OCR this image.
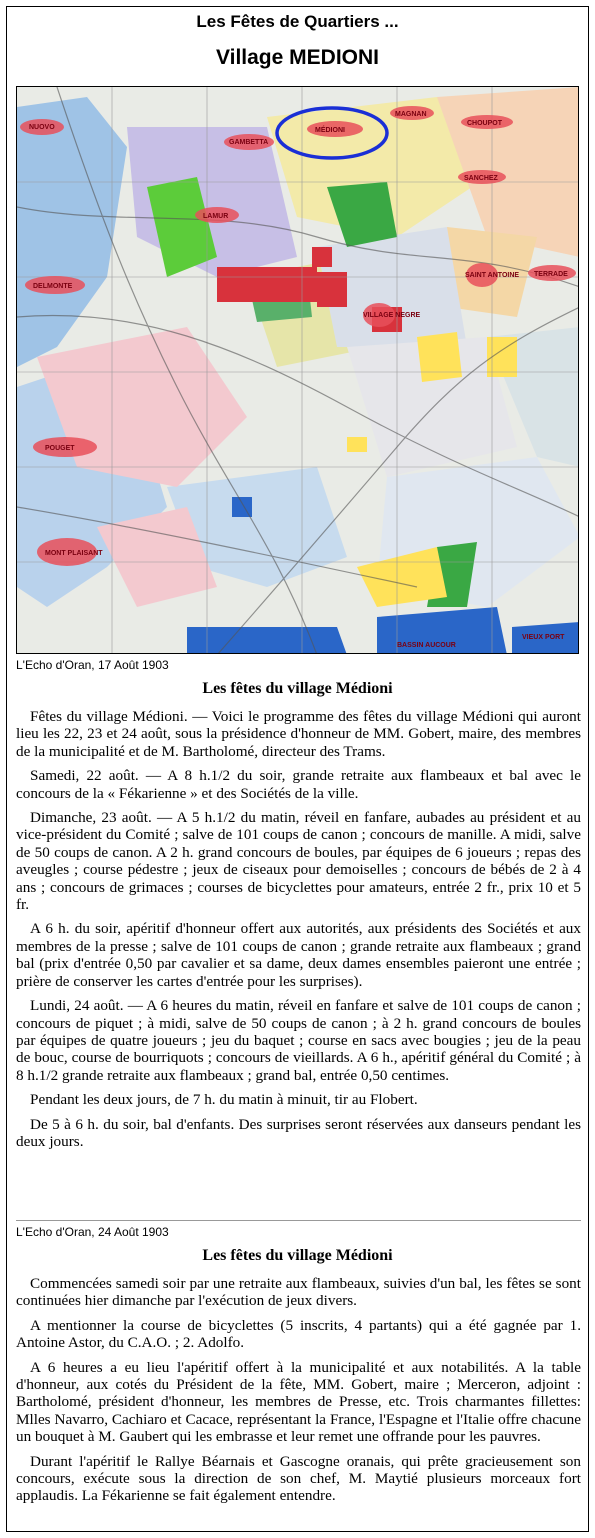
Les Fêtes de Quartiers ...
Village MEDIONI
NUOVO
GAMBETTA
MÉDIONI
MAGNAN
CHOUPOT
LAMUR
SANCHEZ
DELMONTE
TERRADE
SAINT ANTOINE
VILLAGE NEGRE
POUGET
MONT PLAISANT
VIEUX PORT
BASSIN AUCOUR
L'Echo d'Oran, 17 Août 1903
Les fêtes du village Médioni

Fêtes du village Médioni. — Voici le programme des fêtes du village Médioni qui auront lieu les 22, 23 et 24 août, sous la présidence d'honneur de MM. Gobert, maire, des membres de la municipalité et de M. Bartholomé, directeur des Trams.

Samedi, 22 août. — A 8 h.1/2 du soir, grande retraite aux flambeaux et bal avec le concours de la « Fékarienne » et des Sociétés de la ville.

Dimanche, 23 août. — A 5 h.1/2 du matin, réveil en fanfare, aubades au président et au vice-président du Comité ; salve de 101 coups de canon ; concours de manille. A midi, salve de 50 coups de canon. A 2 h. grand concours de boules, par équipes de 6 joueurs ; repas des aveugles ; course pédestre ; jeux de ciseaux pour demoiselles ; concours de bébés de 2 à 4 ans ; concours de grimaces ; courses de bicyclettes pour amateurs, entrée 2 fr., prix 10 et 5 fr.

A 6 h. du soir, apéritif d'honneur offert aux autorités, aux présidents des Sociétés et aux membres de la presse ; salve de 101 coups de canon ; grande retraite aux flambeaux ; grand bal (prix d'entrée 0,50 par cavalier et sa dame, deux dames ensembles paieront une entrée ; prière de conserver les cartes d'entrée pour les surprises).

Lundi, 24 août. — A 6 heures du matin, réveil en fanfare et salve de 101 coups de canon ; concours de piquet ; à midi, salve de 50 coups de canon ; à 2 h. grand concours de boules par équipes de quatre joueurs ; jeu du baquet ; course en sacs avec bougies ; jeu de la peau de bouc, course de bourriquots ; concours de vieillards. A 6 h., apéritif général du Comité ; à 8 h.1/2 grande retraite aux flambeaux ; grand bal, entrée 0,50 centimes.

Pendant les deux jours, de 7 h. du matin à minuit, tir au Flobert.

De 5 à 6 h. du soir, bal d'enfants. Des surprises seront réservées aux danseurs pendant les deux jours.

L'Echo d'Oran, 24 Août 1903
Les fêtes du village Médioni

Commencées samedi soir par une retraite aux flambeaux, suivies d'un bal, les fêtes se sont continuées hier dimanche par l'exécution de jeux divers.

A mentionner la course de bicyclettes (5 inscrits, 4 partants) qui a été gagnée par 1. Antoine Astor, du C.A.O. ; 2. Adolfo.

A 6 heures a eu lieu l'apéritif offert à la municipalité et aux notabilités. A la table d'honneur, aux cotés du Président de la fête, MM. Gobert, maire ; Merceron, adjoint : Bartholomé, président d'honneur, les membres de Presse, etc. Trois charmantes fillettes: Mlles Navarro, Cachiaro et Cacace, représentant la France, l'Espagne et l'Italie offre chacune un bouquet à M. Gaubert qui les embrasse et leur remet une offrande pour les pauvres.

Durant l'apéritif le Rallye Béarnais et Gascogne oranais, qui prête gracieusement son concours, exécute sous la direction de son chef, M. Maytié plusieurs morceaux fort applaudis. La Fékarienne se fait également entendre.
